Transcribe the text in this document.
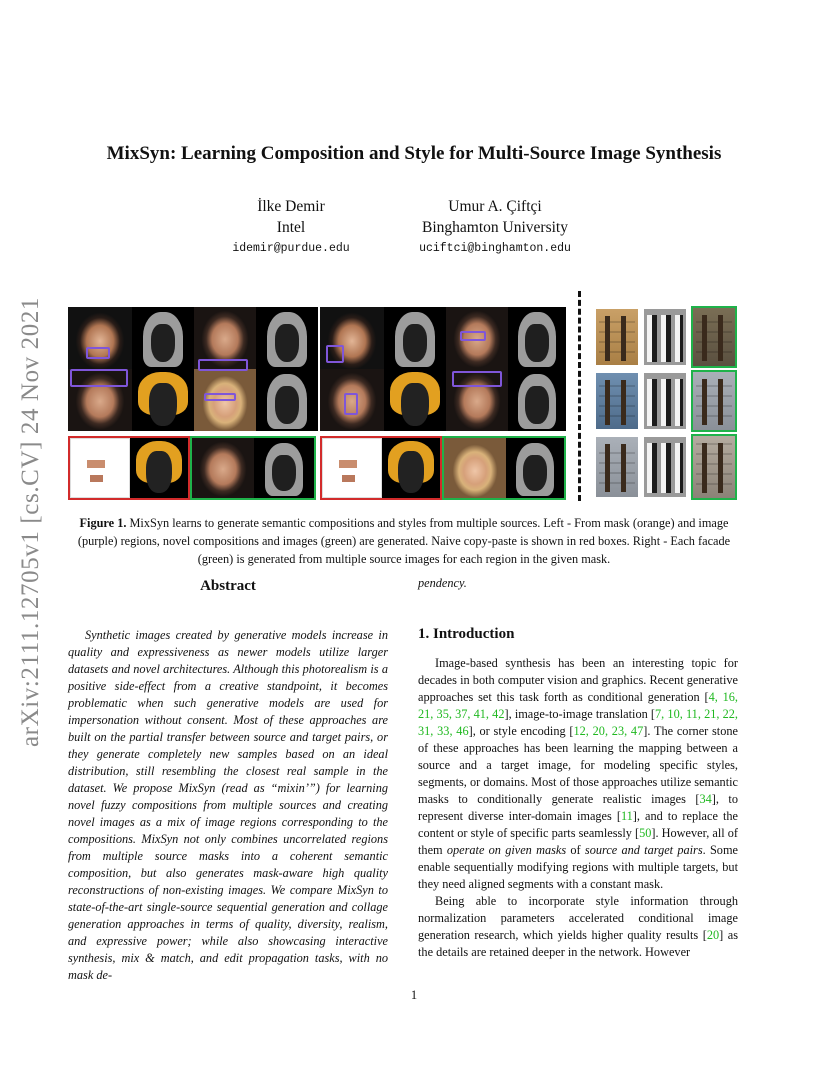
arXiv:2111.12705v1 [cs.CV] 24 Nov 2021
MixSyn: Learning Composition and Style for Multi-Source Image Synthesis
İlke Demir
Intel
idemir@purdue.edu
Umur A. Çiftçi
Binghamton University
uciftci@binghamton.edu

Figure 1. MixSyn learns to generate semantic compositions and styles from multiple sources. Left - From mask (orange) and image (purple) regions, novel compositions and images (green) are generated. Naive copy-paste is shown in red boxes. Right - Each facade (green) is generated from multiple source images for each region in the given mask.

Abstract

Synthetic images created by generative models increase in quality and expressiveness as newer models utilize larger datasets and novel architectures. Although this photorealism is a positive side-effect from a creative standpoint, it becomes problematic when such generative models are used for impersonation without consent. Most of these approaches are built on the partial transfer between source and target pairs, or they generate completely new samples based on an ideal distribution, still resembling the closest real sample in the dataset. We propose MixSyn (read as “mixin’”) for learning novel fuzzy compositions from multiple sources and creating novel images as a mix of image regions corresponding to the compositions. MixSyn not only combines uncorrelated regions from multiple source masks into a coherent semantic composition, but also generates mask-aware high quality reconstructions of non-existing images. We compare MixSyn to state-of-the-art single-source sequential generation and collage generation approaches in terms of quality, diversity, realism, and expressive power; while also showcasing interactive synthesis, mix & match, and edit propagation tasks, with no mask de-

pendency.

1. Introduction

Image-based synthesis has been an interesting topic for decades in both computer vision and graphics. Recent generative approaches set this task forth as conditional generation [4, 16, 21, 35, 37, 41, 42], image-to-image translation [7, 10, 11, 21, 22, 31, 33, 46], or style encoding [12, 20, 23, 47]. The corner stone of these approaches has been learning the mapping between a source and a target image, for modeling specific styles, segments, or domains. Most of those approaches utilize semantic masks to conditionally generate realistic images [34], to represent diverse inter-domain images [11], and to replace the content or style of specific parts seamlessly [50]. However, all of them operate on given masks of source and target pairs. Some enable sequentially modifying regions with multiple targets, but they need aligned segments with a constant mask.

Being able to incorporate style information through normalization parameters accelerated conditional image generation research, which yields higher quality results [20] as the details are retained deeper in the network. However

1
